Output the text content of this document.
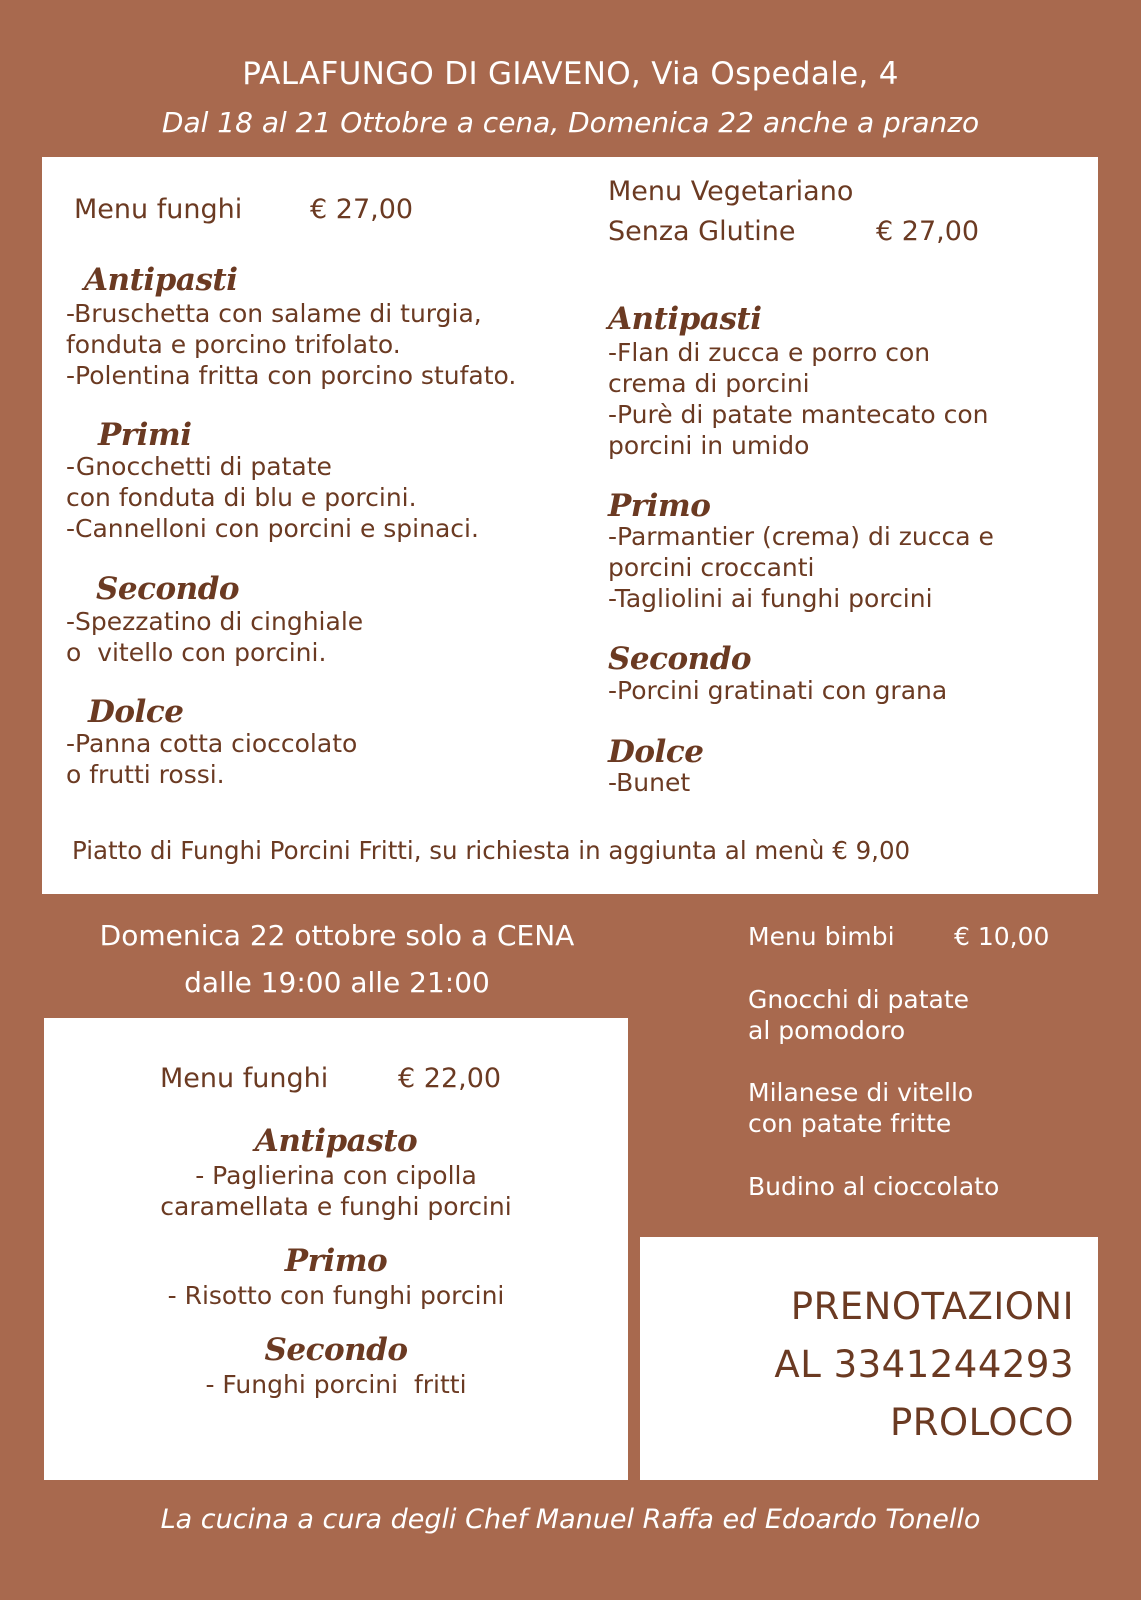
PALAFUNGO DI GIAVENO, Via Ospedale, 4
Dal 18 al 21 Ottobre a cena, Domenica 22 anche a pranzo
Menu funghi	€ 27,00
Antipasti
-Bruschetta con salame di turgia,
fonduta e porcino trifolato.
-Polentina fritta con porcino stufato.
Primi
-Gnocchetti di patate
con fonduta di blu e porcini.
-Cannelloni con porcini e spinaci.
Secondo
-Spezzatino di cinghiale
o  vitello con porcini.
Dolce
-Panna cotta cioccolato
o frutti rossi.
Menu Vegetariano
Senza Glutine	€ 27,00
Antipasti
-Flan di zucca e porro con
crema di porcini
-Purè di patate mantecato con
porcini in umido
Primo
-Parmantier (crema) di zucca e
porcini croccanti
-Tagliolini ai funghi porcini
Secondo
-Porcini gratinati con grana
Dolce
-Bunet
Piatto di Funghi Porcini Fritti, su richiesta in aggiunta al menù € 9,00
Domenica 22 ottobre solo a CENA
dalle 19:00 alle 21:00
Menu funghi	€ 22,00
Antipasto
- Paglierina con cipolla
caramellata e funghi porcini
Primo
- Risotto con funghi porcini
Secondo
- Funghi porcini  fritti
Menu bimbi € 10,00
Gnocchi di patate
al pomodoro
Milanese di vitello
con patate fritte
Budino al cioccolato
PRENOTAZIONI
AL 3341244293
PROLOCO
La cucina a cura degli Chef Manuel Raffa ed Edoardo Tonello
